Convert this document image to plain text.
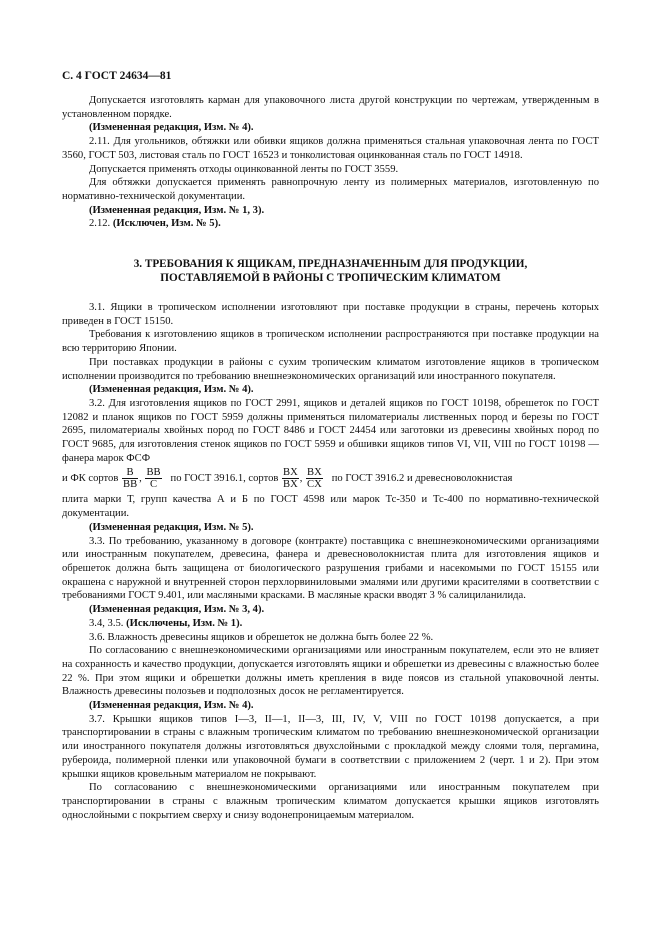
С. 4 ГОСТ 24634—81

Допускается изготовлять карман для упаковочного листа другой конструкции по чертежам, утвержденным в установленном порядке.

(Измененная редакция, Изм. № 4).

2.11. Для угольников, обтяжки или обивки ящиков должна применяться стальная упаковочная лента по ГОСТ 3560, ГОСТ 503, листовая сталь по ГОСТ 16523 и тонколистовая оцинкованная сталь по ГОСТ 14918.

Допускается применять отходы оцинкованной ленты по ГОСТ 3559.

Для обтяжки допускается применять равнопрочную ленту из полимерных материалов, изготовленную по нормативно-технической документации.

(Измененная редакция, Изм. № 1, 3).

2.12. (Исключен, Изм. № 5).

3. ТРЕБОВАНИЯ К ЯЩИКАМ, ПРЕДНАЗНАЧЕННЫМ ДЛЯ ПРОДУКЦИИ,
ПОСТАВЛЯЕМОЙ В РАЙОНЫ С ТРОПИЧЕСКИМ КЛИМАТОМ

3.1. Ящики в тропическом исполнении изготовляют при поставке продукции в страны, перечень которых приведен в ГОСТ 15150.

Требования к изготовлению ящиков в тропическом исполнении распространяются при поставке продукции на всю территорию Японии.

При поставках продукции в районы с сухим тропическим климатом изготовление ящиков в тропическом исполнении производится по требованию внешнеэкономических организаций или иностранного покупателя.

(Измененная редакция, Изм. № 4).

3.2. Для изготовления ящиков по ГОСТ 2991, ящиков и деталей ящиков по ГОСТ 10198, обрешеток по ГОСТ 12082 и планок ящиков по ГОСТ 5959 должны применяться пиломатериалы лиственных пород и березы по ГОСТ 2695, пиломатериалы хвойных пород по ГОСТ 8486 и ГОСТ 24454 или заготовки из древесины хвойных пород по ГОСТ 9685, для изготовления стенок ящиков по ГОСТ 5959 и обшивки ящиков типов VI, VII, VIII по ГОСТ 10198 — фанера марок ФСФ

и ФК сортов $\frac{B}{BB}$ , $\frac{BB}{C}$ по ГОСТ 3916.1, сортов $\frac{BX}{BX}$ , $\frac{BX}{CX}$ по ГОСТ 3916.2 и древесноволокнистая

плита марки Т, групп качества А и Б по ГОСТ 4598 или марок Тс-350 и Тс-400 по нормативно-технической документации.

(Измененная редакция, Изм. № 5).

3.3. По требованию, указанному в договоре (контракте) поставщика с внешнеэкономическими организациями или иностранным покупателем, древесина, фанера и древесноволокнистая плита для изготовления ящиков и обрешеток должна быть защищена от биологического разрушения грибами и насекомыми по ГОСТ 15155 или окрашена с наружной и внутренней сторон перхлорвиниловыми эмалями или другими красителями в соответствии с требованиями ГОСТ 9.401, или масляными красками. В масляные краски вводят 3 % салициланилида.

(Измененная редакция, Изм. № 3, 4).

3.4, 3.5. (Исключены, Изм. № 1).

3.6. Влажность древесины ящиков и обрешеток не должна быть более 22 %.

По согласованию с внешнеэкономическими организациями или иностранным покупателем, если это не влияет на сохранность и качество продукции, допускается изготовлять ящики и обрешетки из древесины с влажностью более 22 %. При этом ящики и обрешетки должны иметь крепления в виде поясов из стальной упаковочной ленты. Влажность древесины полозьев и подполозных досок не регламентируется.

(Измененная редакция, Изм. № 4).

3.7. Крышки ящиков типов I—3, II—1, II—3, III, IV, V, VIII по ГОСТ 10198 допускается, а при транспортировании в страны с влажным тропическим климатом по требованию внешнеэкономической организации или иностранного покупателя должны изготовляться двухслойными с прокладкой между слоями толя, пергамина, рубероида, полимерной пленки или упаковочной бумаги в соответствии с приложением 2 (черт. 1 и 2). При этом крышки ящиков кровельным материалом не покрывают.

По согласованию с внешнеэкономическими организациями или иностранным покупателем при транспортировании в страны с влажным тропическим климатом допускается крышки ящиков изготовлять однослойными с покрытием сверху и снизу водонепроницаемым материалом.
